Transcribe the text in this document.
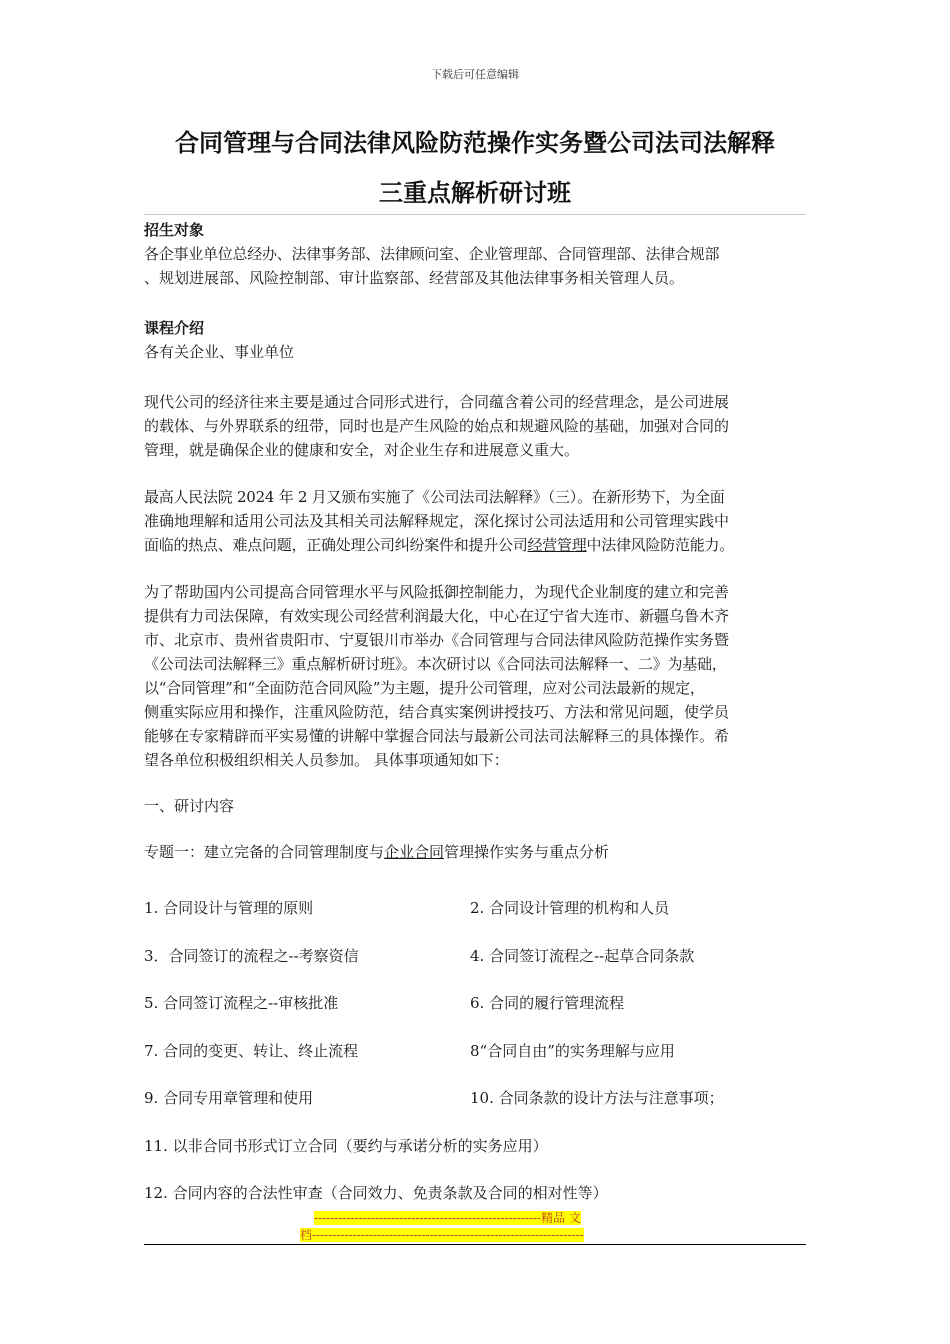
下载后可任意编辑
合同管理与合同法律风险防范操作实务暨公司法司法解释
三重点解析研讨班

招生对象

各企事业单位总经办、法律事务部、法律顾问室、企业管理部、合同管理部、法律合规部

、规划进展部、风险控制部、审计监察部、经营部及其他法律事务相关管理人员。

课程介绍

各有关企业、事业单位

现代公司的经济往来主要是通过合同形式进行，合同蕴含着公司的经营理念，是公司进展

的载体、与外界联系的纽带，同时也是产生风险的始点和规避风险的基础，加强对合同的

管理，就是确保企业的健康和安全，对企业生存和进展意义重大。

最高人民法院 2024 年 2 月又颁布实施了《公司法司法解释》（三）。在新形势下，为全面

准确地理解和适用公司法及其相关司法解释规定，深化探讨公司法适用和公司管理实践中

面临的热点、难点问题，正确处理公司纠纷案件和提升公司经营管理中法律风险防范能力。

为了帮助国内公司提高合同管理水平与风险抵御控制能力，为现代企业制度的建立和完善

提供有力司法保障，有效实现公司经营利润最大化，中心在辽宁省大连市、新疆乌鲁木齐

市、北京市、贵州省贵阳市、宁夏银川市举办《合同管理与合同法律风险防范操作实务暨

《公司法司法解释三》重点解析研讨班》。本次研讨以《合同法司法解释一、二》为基础，

以“合同管理”和“全面防范合同风险”为主题，提升公司管理，应对公司法最新的规定，

侧重实际应用和操作，注重风险防范，结合真实案例讲授技巧、方法和常见问题，使学员

能够在专家精辟而平实易懂的讲解中掌握合同法与最新公司法司法解释三的具体操作。希

望各单位积极组织相关人员参加。 具体事项通知如下：

一、研讨内容

专题一：建立完备的合同管理制度与企业合同管理操作实务与重点分析

1. 合同设计与管理的原则	2. 合同设计管理的机构和人员
3．合同签订的流程之--考察资信	4. 合同签订流程之--起草合同条款
5. 合同签订流程之--审核批准	6. 合同的履行管理流程
7. 合同的变更、转让、终止流程	8“合同自由”的实务理解与应用
9. 合同专用章管理和使用	10. 合同条款的设计方法与注意事项；
11. 以非合同书形式订立合同（要约与承诺分析的实务应用）
12. 合同内容的合法性审查（合同效力、免责条款及合同的相对性等）
--------------------------------------------------------精品 文
档-------------------------------------------------------------------
